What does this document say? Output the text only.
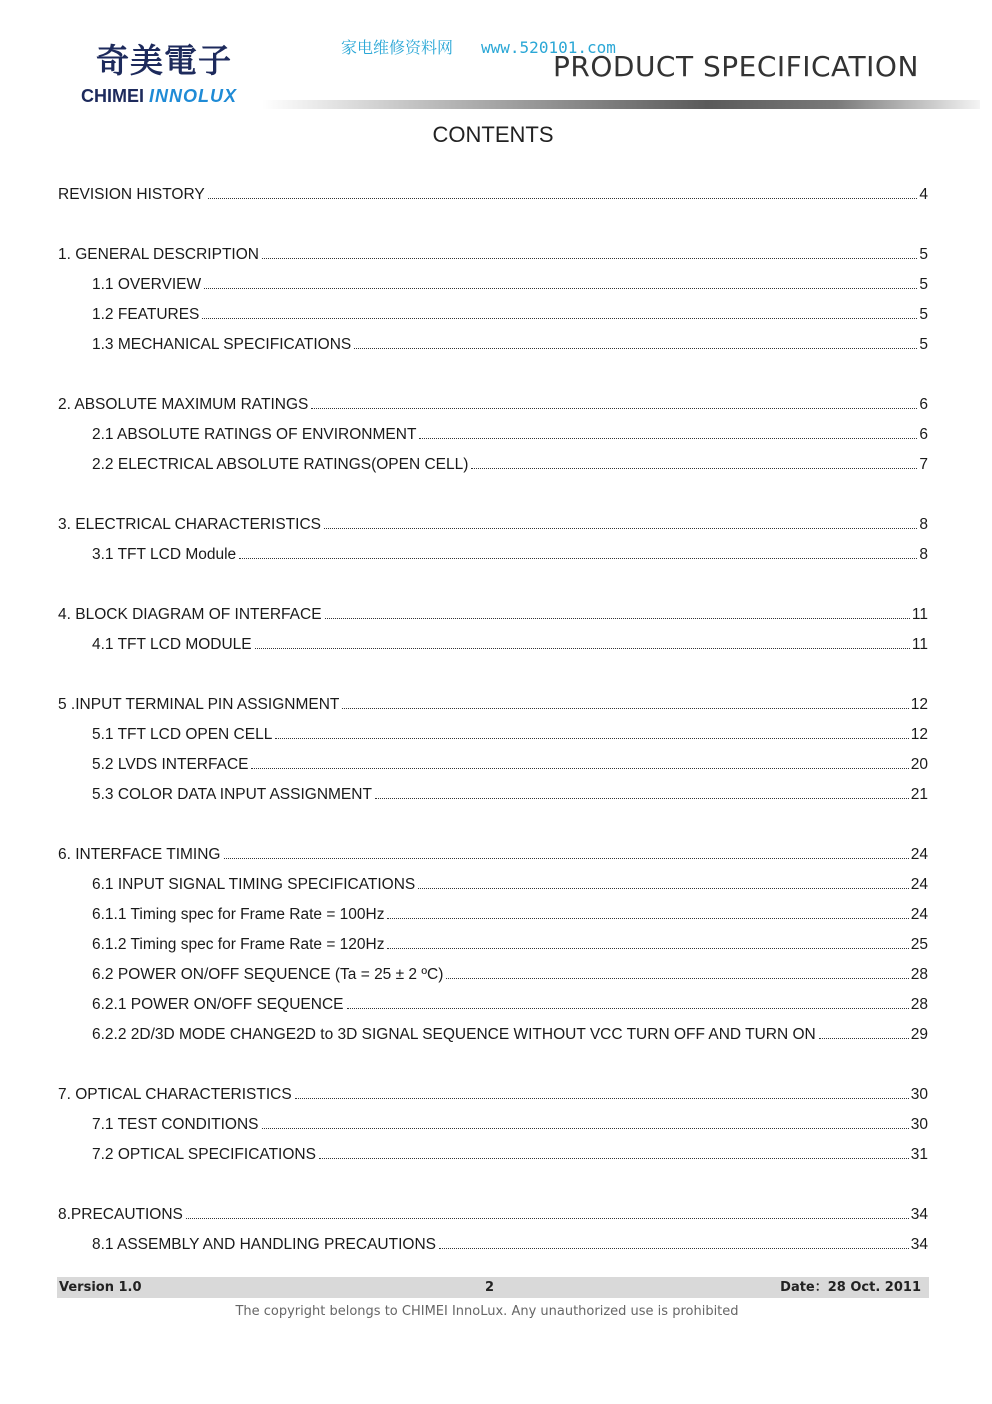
奇美電子
CHIMEI INNOLUX
家电维修资料网 www.520101.com
PRODUCT SPECIFICATION
CONTENTS
REVISION HISTORY	4
1. GENERAL DESCRIPTION	5
1.1 OVERVIEW	5
1.2 FEATURES	5
1.3 MECHANICAL SPECIFICATIONS	5
2. ABSOLUTE MAXIMUM RATINGS	6
2.1 ABSOLUTE RATINGS OF ENVIRONMENT	6
2.2 ELECTRICAL ABSOLUTE RATINGS(OPEN CELL)	7
3. ELECTRICAL CHARACTERISTICS	8
3.1 TFT LCD Module	8
4. BLOCK DIAGRAM OF INTERFACE	11
4.1 TFT LCD MODULE	11
5 .INPUT TERMINAL PIN ASSIGNMENT	12
5.1 TFT LCD OPEN CELL	12
5.2 LVDS INTERFACE	20
5.3 COLOR DATA INPUT ASSIGNMENT	21
6. INTERFACE TIMING	24
6.1 INPUT SIGNAL TIMING SPECIFICATIONS	24
6.1.1 Timing spec for Frame Rate = 100Hz	24
6.1.2 Timing spec for Frame Rate = 120Hz	25
6.2 POWER ON/OFF SEQUENCE (Ta = 25 ± 2 ºC)	28
6.2.1 POWER ON/OFF SEQUENCE	28
6.2.2 2D/3D MODE CHANGE2D to 3D SIGNAL SEQUENCE WITHOUT VCC TURN OFF AND TURN ON	29
7. OPTICAL CHARACTERISTICS	30
7.1 TEST CONDITIONS	30
7.2 OPTICAL SPECIFICATIONS	31
8.PRECAUTIONS	34
8.1 ASSEMBLY AND HANDLING PRECAUTIONS	34
Version 1.0	2	Date：28 Oct. 2011
The copyright belongs to CHIMEI InnoLux. Any unauthorized use is prohibited
